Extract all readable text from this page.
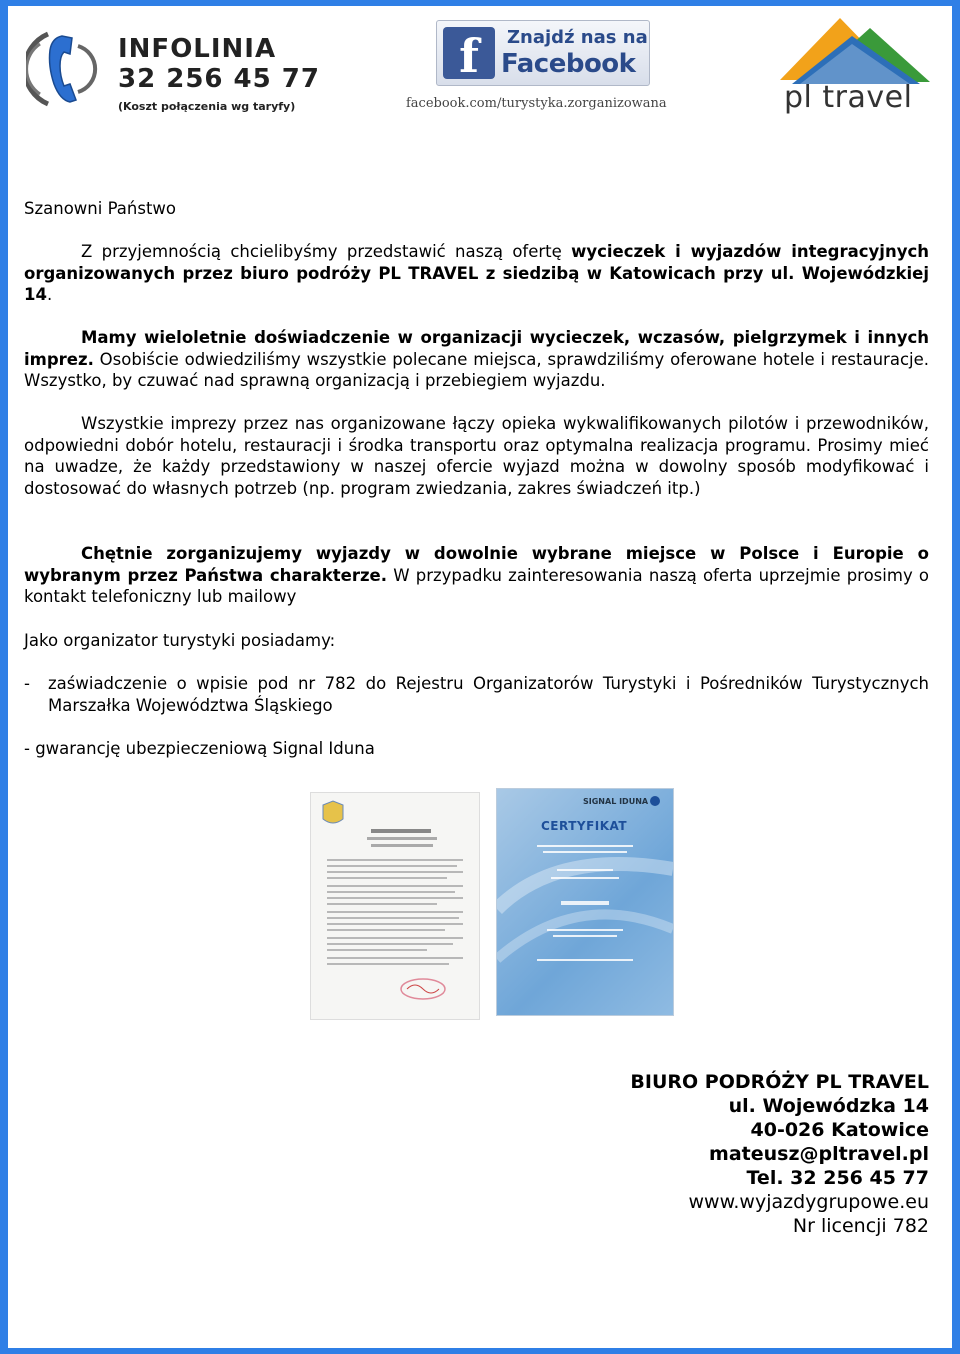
INFOLINIA
32 256 45 77
(Koszt połączenia wg taryfy)
f	Znajdź nas na
Facebook
facebook.com/turystyka.zorganizowana	pl travel
Szanowni Państwo

Z przyjemnością chcielibyśmy przedstawić naszą ofertę wycieczek i wyjazdów integracyjnych organizowanych przez biuro podróży PL TRAVEL z siedzibą w Katowicach przy ul. Wojewódzkiej 14.

Mamy wieloletnie doświadczenie w organizacji wycieczek, wczasów, pielgrzymek i innych imprez. Osobiście odwiedziliśmy wszystkie polecane miejsca, sprawdziliśmy oferowane hotele i restauracje. Wszystko, by czuwać nad sprawną organizacją i przebiegiem wyjazdu.

Wszystkie imprezy przez nas organizowane łączy opieka wykwalifikowanych pilotów i przewodników, odpowiedni dobór hotelu, restauracji i środka transportu oraz optymalna realizacja programu. Prosimy mieć na uwadze, że każdy przedstawiony w naszej ofercie wyjazd można w dowolny sposób modyfikować i dostosować do własnych potrzeb (np. program zwiedzania, zakres świadczeń itp.)

Chętnie zorganizujemy wyjazdy w dowolnie wybrane miejsce w Polsce i Europie o wybranym przez Państwa charakterze. W przypadku zainteresowania naszą oferta uprzejmie prosimy o kontakt telefoniczny lub mailowy

Jako organizator turystyki posiadamy:
- zaświadczenie o wpisie pod nr 782 do Rejestru Organizatorów Turystyki i Pośredników Turystycznych Marszałka Województwa Śląskiego

- gwarancję ubezpieczeniową Signal Iduna
SIGNAL IDUNA
CERTYFIKAT
BIURO PODRÓŻY PL TRAVEL
ul. Wojewódzka 14
40-026 Katowice
mateusz@pltravel.pl
Tel. 32 256 45 77
www.wyjazdygrupowe.eu
Nr licencji 782
